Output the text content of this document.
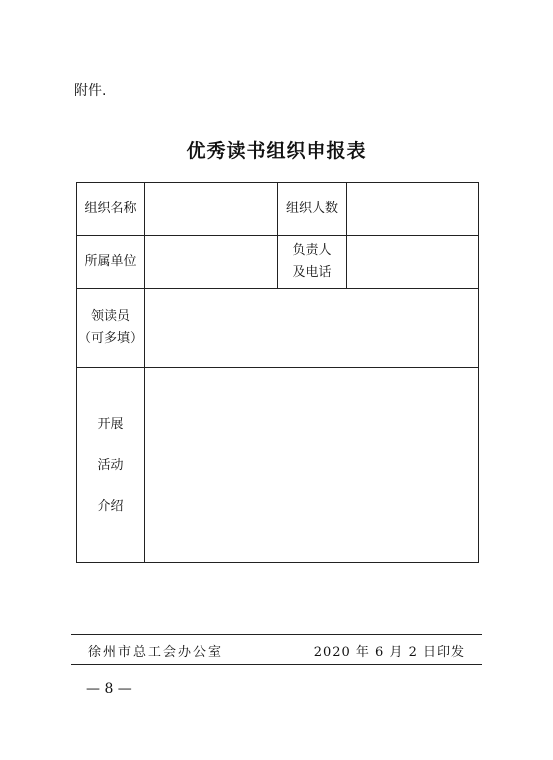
附件.
优秀读书组织申报表
组织名称		组织人数	
所属单位		负责人
及电话	

领读员
（可多填）			

开展
活动
介绍			

徐州市总工会办公室	2020 年 6 月 2 日印发
— 8 —
